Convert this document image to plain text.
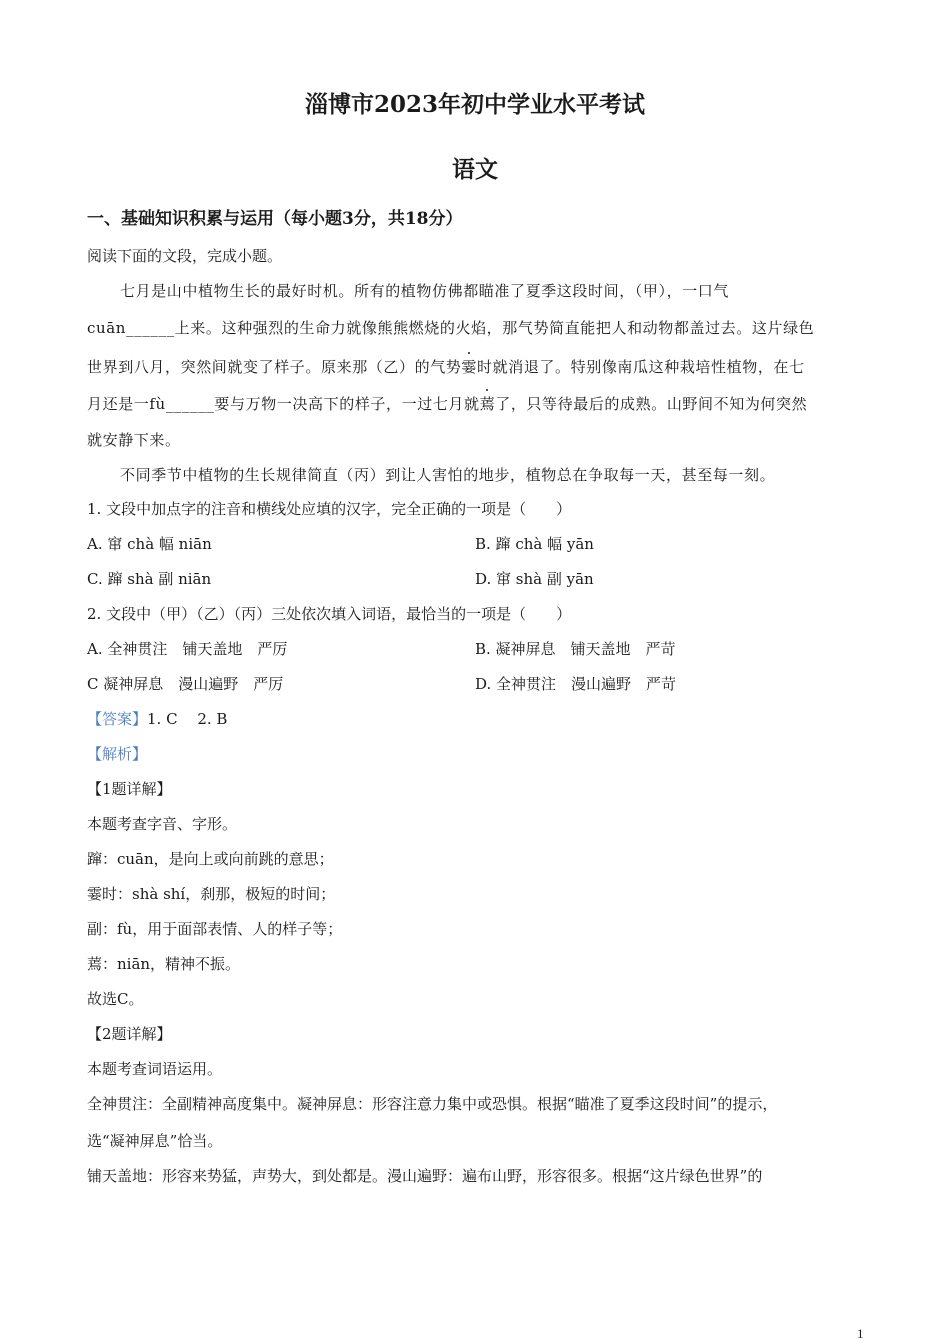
淄博市2023年初中学业水平考试
语文
一、基础知识积累与运用（每小题3分，共18分）
阅读下面的文段，完成小题。
七月是山中植物生长的最好时机。所有的植物仿佛都瞄准了夏季这段时间，（甲），一口气
cuān______上来。这种强烈的生命力就像熊熊燃烧的火焰，那气势简直能把人和动物都盖过去。这片绿色
世界到八月，突然间就变了样子。原来那（乙）的气势霎时就消退了。特别像南瓜这种栽培性植物，在七
月还是一fù______要与万物一决高下的样子，一过七月就蔫了，只等待最后的成熟。山野间不知为何突然
就安静下来。
不同季节中植物的生长规律简直（丙）到让人害怕的地步，植物总在争取每一天，甚至每一刻。
1. 文段中加点字的注音和横线处应填的汉字，完全正确的一项是（　　）
A. 窜 chà 幅 niān	B. 蹿 chà 幅 yān
C. 蹿 shà 副 niān	D. 窜 shà 副 yān
2. 文段中（甲）（乙）（丙）三处依次填入词语，最恰当的一项是（　　）
A. 全神贯注　铺天盖地　严厉	B. 凝神屏息　铺天盖地　严苛
C 凝神屏息　漫山遍野　严厉	D. 全神贯注　漫山遍野　严苛
【答案】1. C　 2. B
【解析】
【1题详解】
本题考查字音、字形。
蹿：cuān，是向上或向前跳的意思；
霎时：shà shí，刹那，极短的时间；
副：fù，用于面部表情、人的样子等；
蔫：niān，精神不振。
故选C。
【2题详解】
本题考查词语运用。
全神贯注：全副精神高度集中。凝神屏息：形容注意力集中或恐惧。根据“瞄准了夏季这段时间”的提示，
选“凝神屏息”恰当。
铺天盖地：形容来势猛，声势大，到处都是。漫山遍野：遍布山野，形容很多。根据“这片绿色世界”的
1
